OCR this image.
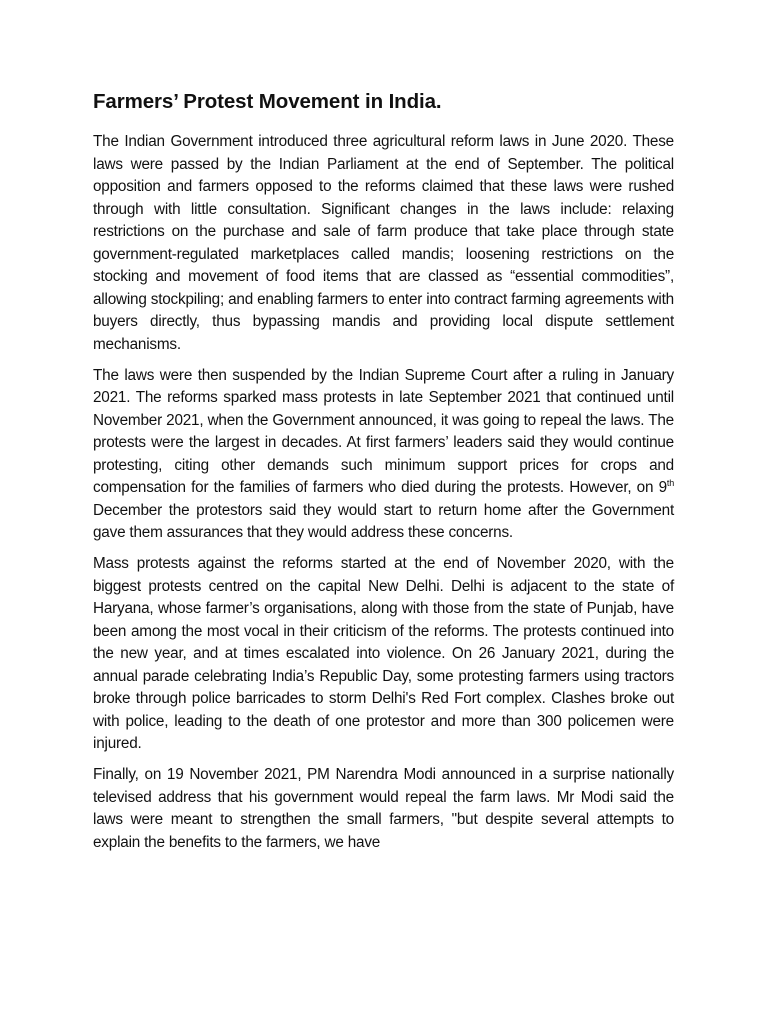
Farmers’ Protest Movement in India.

The Indian Government introduced three agricultural reform laws in June 2020. These laws were passed by the Indian Parliament at the end of September. The political opposition and farmers opposed to the reforms claimed that these laws were rushed through with little consultation. Significant changes in the laws include: relaxing restrictions on the purchase and sale of farm produce that take place through state government-regulated marketplaces called mandis; loosening restrictions on the stocking and movement of food items that are classed as “essential commodities”, allowing stockpiling; and enabling farmers to enter into contract farming agreements with buyers directly, thus bypassing mandis and providing local dispute settlement mechanisms.

The laws were then suspended by the Indian Supreme Court after a ruling in January 2021. The reforms sparked mass protests in late September 2021 that continued until November 2021, when the Government announced, it was going to repeal the laws. The protests were the largest in decades. At first farmers’ leaders said they would continue protesting, citing other demands such minimum support prices for crops and compensation for the families of farmers who died during the protests. However, on 9th December the protestors said they would start to return home after the Government gave them assurances that they would address these concerns.

Mass protests against the reforms started at the end of November 2020, with the biggest protests centred on the capital New Delhi. Delhi is adjacent to the state of Haryana, whose farmer’s organisations, along with those from the state of Punjab, have been among the most vocal in their criticism of the reforms. The protests continued into the new year, and at times escalated into violence. On 26 January 2021, during the annual parade celebrating India’s Republic Day, some protesting farmers using tractors broke through police barricades to storm Delhi's Red Fort complex. Clashes broke out with police, leading to the death of one protestor and more than 300 policemen were injured.

Finally, on 19 November 2021, PM Narendra Modi announced in a surprise nationally televised address that his government would repeal the farm laws. Mr Modi said the laws were meant to strengthen the small farmers, "but despite several attempts to explain the benefits to the farmers, we have
